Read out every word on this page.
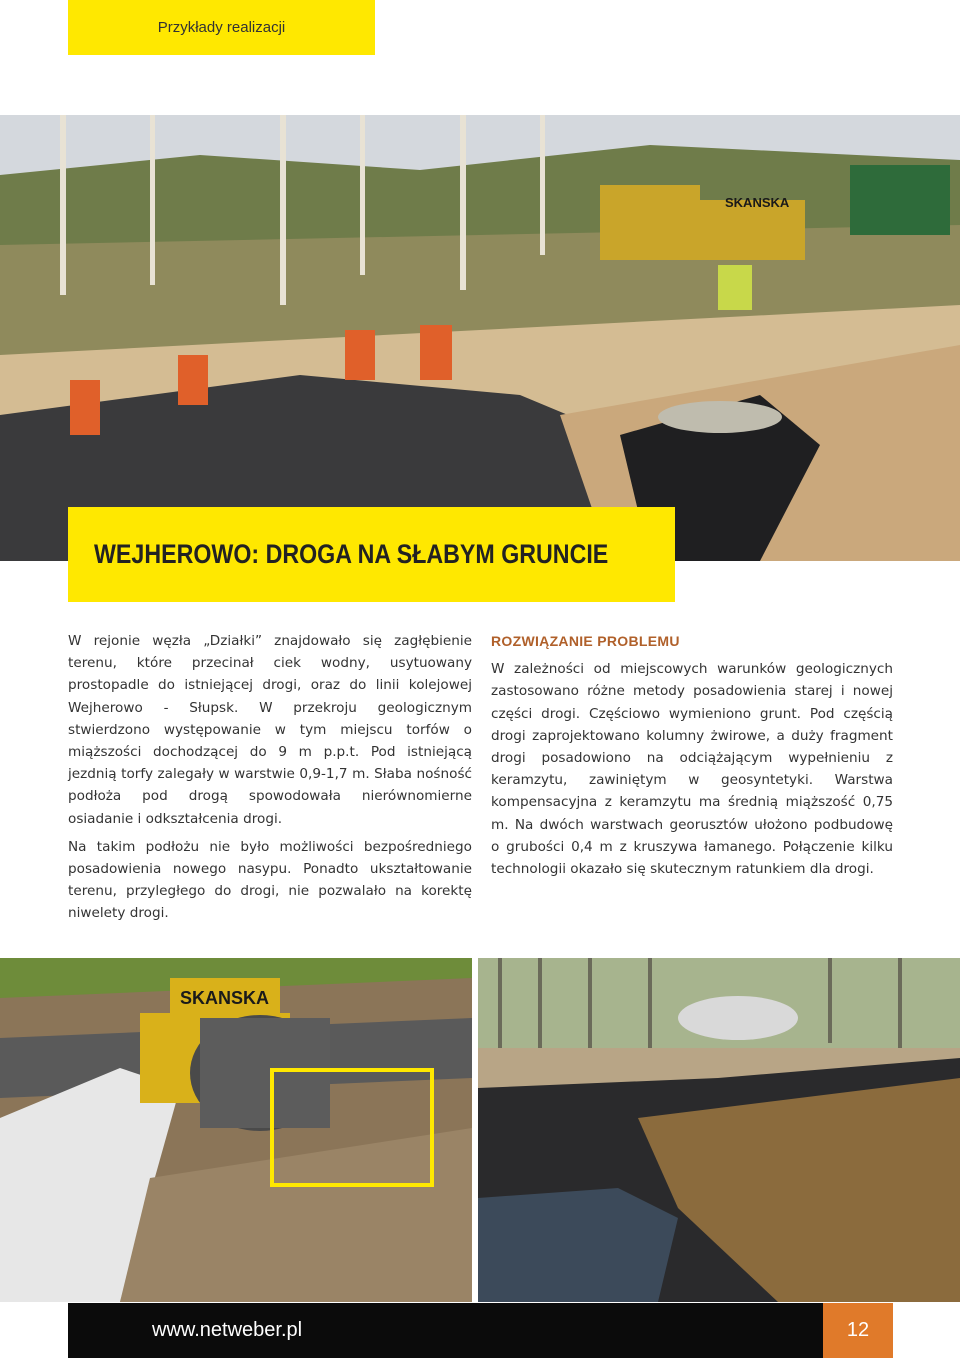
Przykłady realizacji
SKANSKA
WEJHEROWO: DROGA NA SŁABYM GRUNCIE

W rejonie węzła „Działki” znajdowało się zagłębienie terenu, które przecinał ciek wodny, usytuowany prostopadle do istniejącej drogi, oraz do linii kolejowej Wejherowo - Słupsk. W przekroju geologicznym stwierdzono występowanie w tym miejscu torfów o miąższości dochodzącej do 9 m p.p.t. Pod istniejącą jezdnią torfy zalegały w warstwie 0,9-1,7 m. Słaba nośność podłoża pod drogą spowodowała nierównomierne osiadanie i odkształcenia drogi.

Na takim podłożu nie było możliwości bezpośredniego posadowienia nowego nasypu. Ponadto ukształtowanie terenu, przyległego do drogi, nie pozwalało na korektę niwelety drogi.

ROZWIĄZANIE PROBLEMU

W zależności od miejscowych warunków geologicznych zastosowano różne metody posadowienia starej i nowej części drogi. Częściowo wymieniono grunt. Pod częścią drogi zaprojektowano kolumny żwirowe, a duży fragment drogi posadowiono na odciążającym wypełnieniu z keramzytu, zawiniętym w geosyntetyki. Warstwa kompensacyjna z keramzytu ma średnią miąższość 0,75 m. Na dwóch warstwach georusztów ułożono podbudowę o grubości 0,4 m z kruszywa łamanego. Połączenie kilku technologii okazało się skutecznym ratunkiem dla drogi.

SKANSKA
www.netweber.pl	12
